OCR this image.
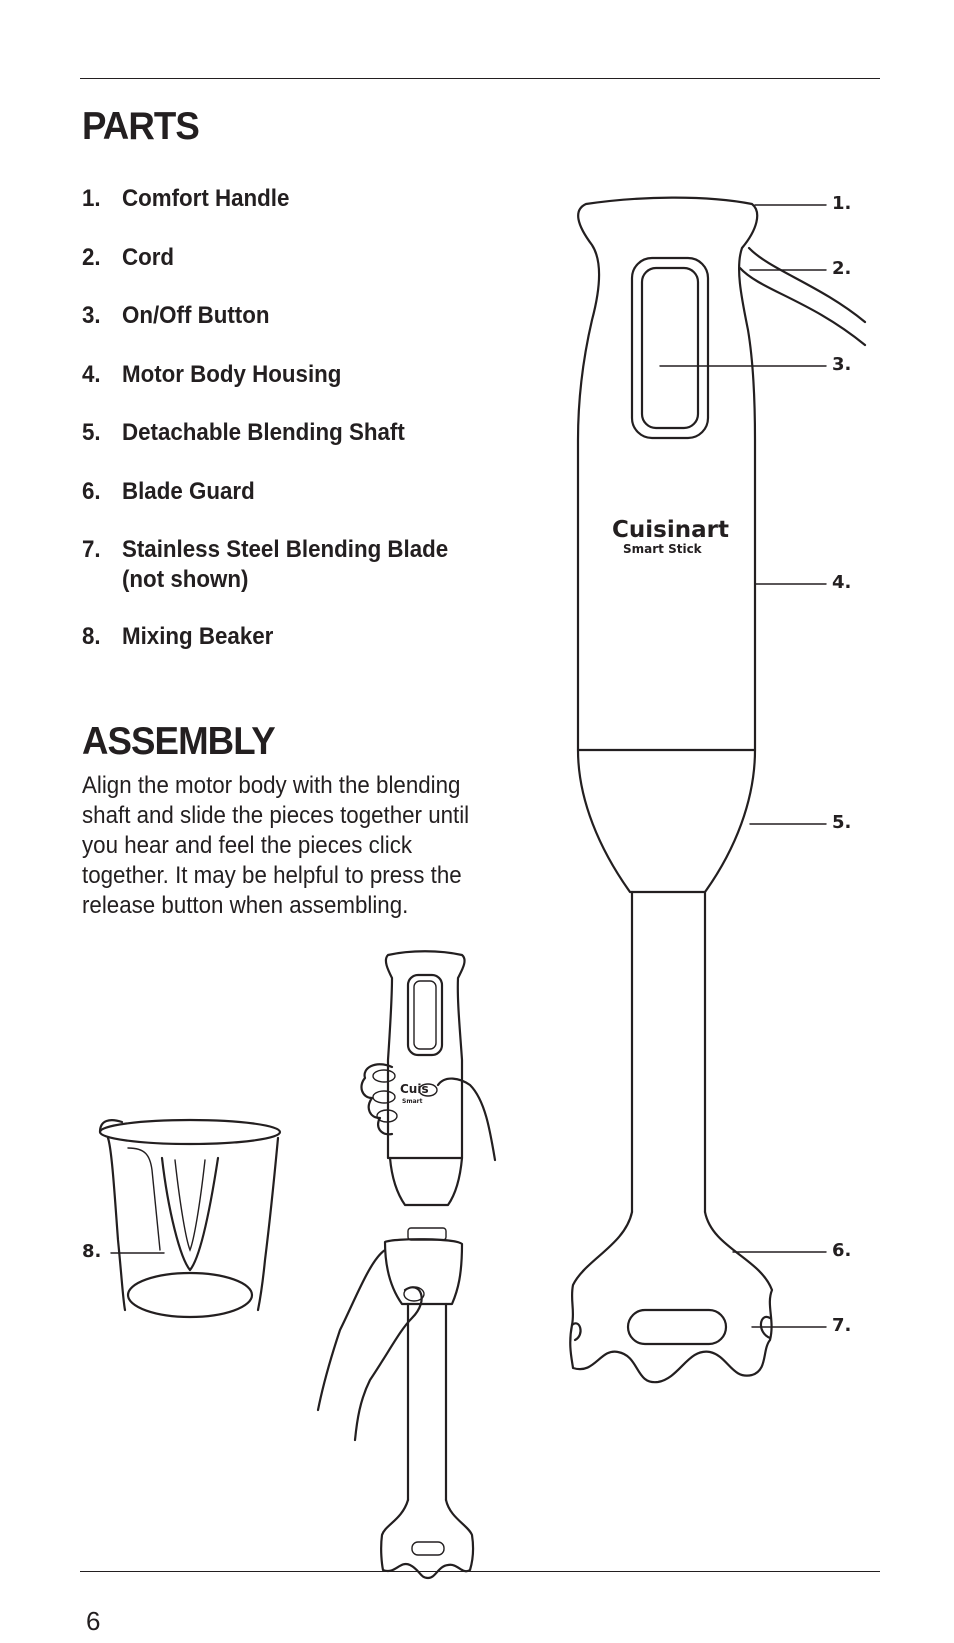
PARTS
1. Comfort Handle
2. Cord
3. On/Off Button
4. Motor Body Housing
5. Detachable Blending Shaft
6. Blade Guard
7. Stainless Steel Blending Blade (not shown)
8. Mixing Beaker
ASSEMBLY

Align the motor body with the blending shaft and slide the pieces together until you hear and feel the pieces click together. It may be helpful to press the release button when assembling.

Cuisinart
Smart Stick
Cuis
Smart
1.
2.
3.
4.
5.
6.
7.
8.
6
